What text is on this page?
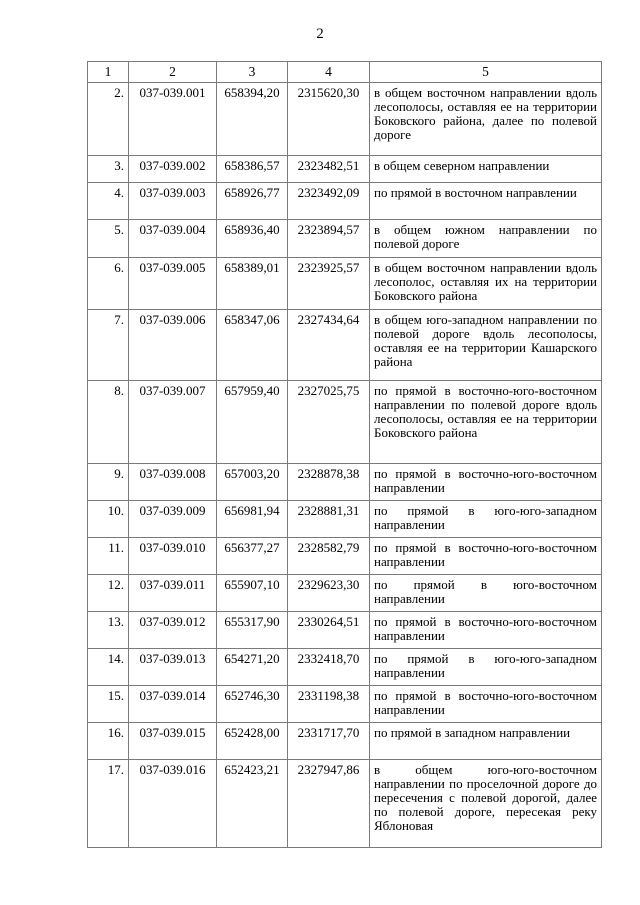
2
1	2	3	4	5
2.	037-039.001	658394,20	2315620,30	в общем восточном направлении вдоль лесополосы, оставляя ее на территории Боковского района, далее по полевой дороге
3.	037-039.002	658386,57	2323482,51	в общем северном направлении
4.	037-039.003	658926,77	2323492,09	по прямой в восточном направлении
5.	037-039.004	658936,40	2323894,57	в общем южном направлении по полевой дороге
6.	037-039.005	658389,01	2323925,57	в общем восточном направлении вдоль лесополос, оставляя их на территории Боковского района
7.	037-039.006	658347,06	2327434,64	в общем юго-западном направлении по полевой дороге вдоль лесополосы, оставляя ее на территории Кашарского района
8.	037-039.007	657959,40	2327025,75	по прямой в восточно-юго-восточном направлении по полевой дороге вдоль лесополосы, оставляя ее на территории Боковского района
9.	037-039.008	657003,20	2328878,38	по прямой в восточно-юго-восточном направлении
10.	037-039.009	656981,94	2328881,31	по прямой в юго-юго-западном направлении
11.	037-039.010	656377,27	2328582,79	по прямой в восточно-юго-восточном направлении
12.	037-039.011	655907,10	2329623,30	по прямой в юго-восточном направлении
13.	037-039.012	655317,90	2330264,51	по прямой в восточно-юго-восточном направлении
14.	037-039.013	654271,20	2332418,70	по прямой в юго-юго-западном направлении
15.	037-039.014	652746,30	2331198,38	по прямой в восточно-юго-восточном направлении
16.	037-039.015	652428,00	2331717,70	по прямой в западном направлении
17.	037-039.016	652423,21	2327947,86	в общем юго-юго-восточном направлении по проселочной дороге до пересечения с полевой дорогой, далее по полевой дороге, пересекая реку Яблоновая
